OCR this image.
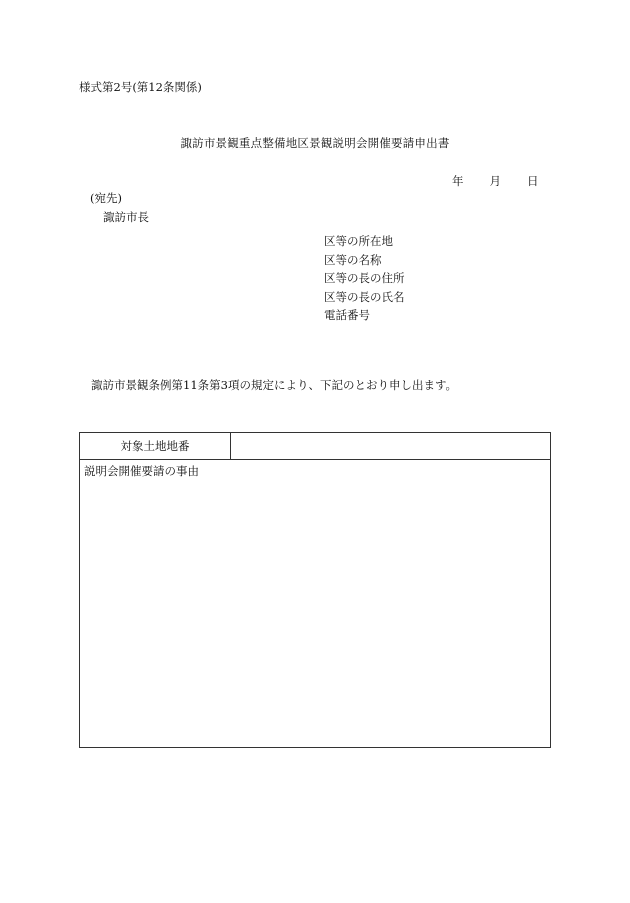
様式第2号(第12条関係)
諏訪市景観重点整備地区景観説明会開催要請申出書
年 月 日
(宛先)
諏訪市長
区等の所在地
区等の名称
区等の長の住所
区等の長の氏名
電話番号
諏訪市景観条例第11条第3項の規定により、下記のとおり申し出ます。
対象土地地番
説明会開催要請の事由
